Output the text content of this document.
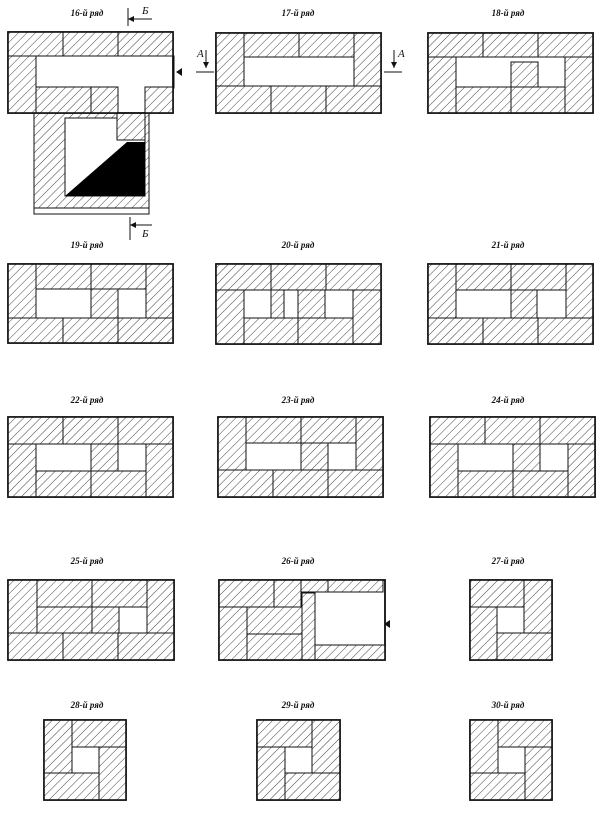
16-й ряд	17-й ряд	18-й ряд
19-й ряд	20-й ряд	21-й ряд
22-й ряд	23-й ряд	24-й ряд
25-й ряд	26-й ряд	27-й ряд
28-й ряд	29-й ряд	30-й ряд
Б
Б
А	А
